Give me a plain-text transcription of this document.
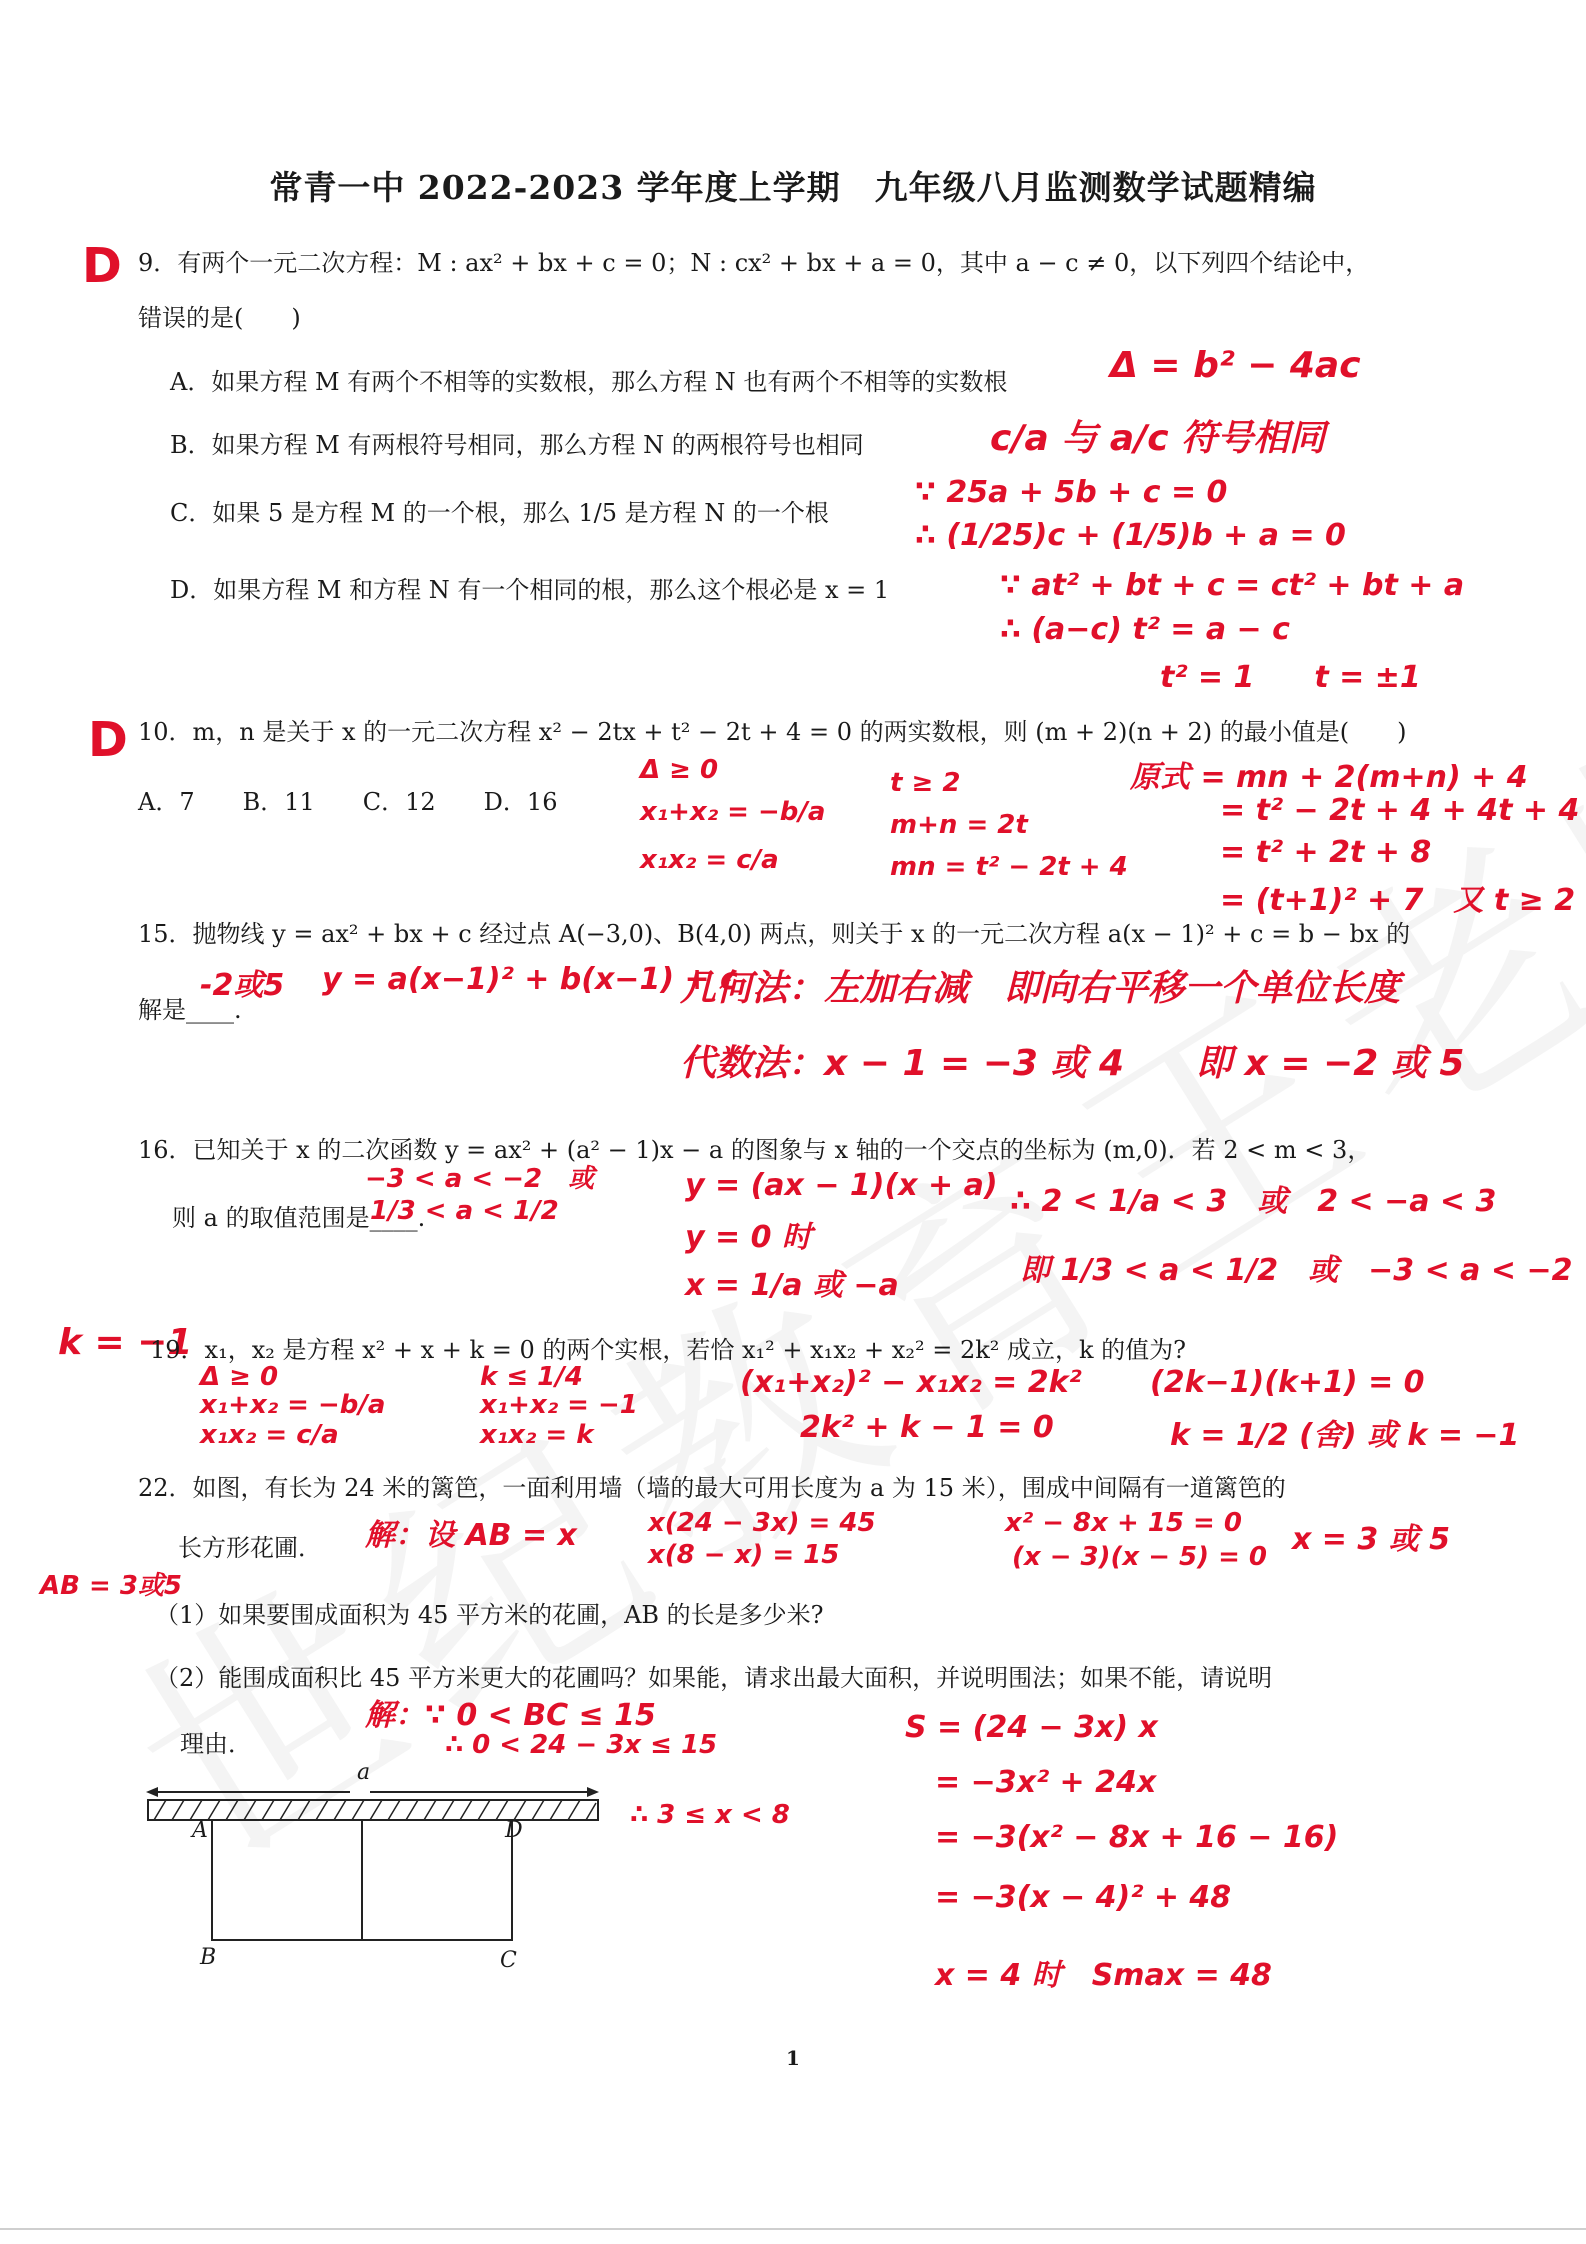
常青一中 2022-2023 学年度上学期　九年级八月监测数学试题精编
D 9．有两个一元二次方程：M : ax² + bx + c = 0；N : cx² + bx + a = 0，其中 a − c ≠ 0，以下列四个结论中，
错误的是(　　)
A．如果方程 M 有两个不相等的实数根，那么方程 N 也有两个不相等的实数根
B．如果方程 M 有两根符号相同，那么方程 N 的两根符号也相同
C．如果 5 是方程 M 的一个根，那么 1/5 是方程 N 的一个根
D．如果方程 M 和方程 N 有一个相同的根，那么这个根必是 x = 1
Δ = b² − 4ac
c/a 与 a/c 符号相同
∵ 25a + 5b + c = 0
∴ (1/25)c + (1/5)b + a = 0
∵ at² + bt + c = ct² + bt + a
∴ (a−c) t² = a − c
t² = 1　　t = ±1
D 10．m，n 是关于 x 的一元二次方程 x² − 2tx + t² − 2t + 4 = 0 的两实数根，则 (m + 2)(n + 2) 的最小值是(　　)
A．7　　B．11　　C．12　　D．16
Δ ≥ 0
x₁+x₂ = −b/a
x₁x₂ = c/a
t ≥ 2
m+n = 2t
mn = t² − 2t + 4
原式 = mn + 2(m+n) + 4
= t² − 2t + 4 + 4t + 4
= t² + 2t + 8
= (t+1)² + 7　又 t ≥ 2
15．抛物线 y = ax² + bx + c 经过点 A(−3,0)、B(4,0) 两点，则关于 x 的一元二次方程 a(x − 1)² + c = b − bx 的
解是____.
-2或5 y = a(x−1)² + b(x−1) + c
几何法：左加右减　即向右平移一个单位长度
代数法：x − 1 = −3 或 4　　即 x = −2 或 5
16．已知关于 x 的二次函数 y = ax² + (a² − 1)x − a 的图象与 x 轴的一个交点的坐标为 (m,0)．若 2 < m < 3，
则 a 的取值范围是____.
−3 < a < −2　或
1/3 < a < 1/2
y = (ax − 1)(x + a)
y = 0 时
x = 1/a 或 −a
∴ 2 < 1/a < 3　或　2 < −a < 3
即 1/3 < a < 1/2　或　−3 < a < −2
k = −1
19．x₁，x₂ 是方程 x² + x + k = 0 的两个实根，若恰 x₁² + x₁x₂ + x₂² = 2k² 成立，k 的值为?
Δ ≥ 0
x₁+x₂ = −b/a
x₁x₂ = c/a
k ≤ 1/4
x₁+x₂ = −1
x₁x₂ = k
(x₁+x₂)² − x₁x₂ = 2k²
2k² + k − 1 = 0
(2k−1)(k+1) = 0
k = 1/2 (舍) 或 k = −1
22．如图，有长为 24 米的篱笆，一面利用墙（墙的最大可用长度为 a 为 15 米），围成中间隔有一道篱笆的
长方形花圃．
AB = 3或5
（1）如果要围成面积为 45 平方米的花圃，AB 的长是多少米?
（2）能围成面积比 45 平方米更大的花圃吗？如果能，请求出最大面积，并说明围法；如果不能，请说明
理由．
解：设 AB = x	x(24 − 3x) = 45
x(8 − x) = 15
x² − 8x + 15 = 0
(x − 3)(x − 5) = 0 x = 3 或 5
解：∵ 0 < BC ≤ 15
∴ 0 < 24 − 3x ≤ 15
∴ 3 ≤ x < 8
S = (24 − 3x) x
= −3x² + 24x
= −3(x² − 8x + 16 − 16)
= −3(x − 4)² + 48
x = 4 时　Smax = 48
a
A	D
B	C
1
